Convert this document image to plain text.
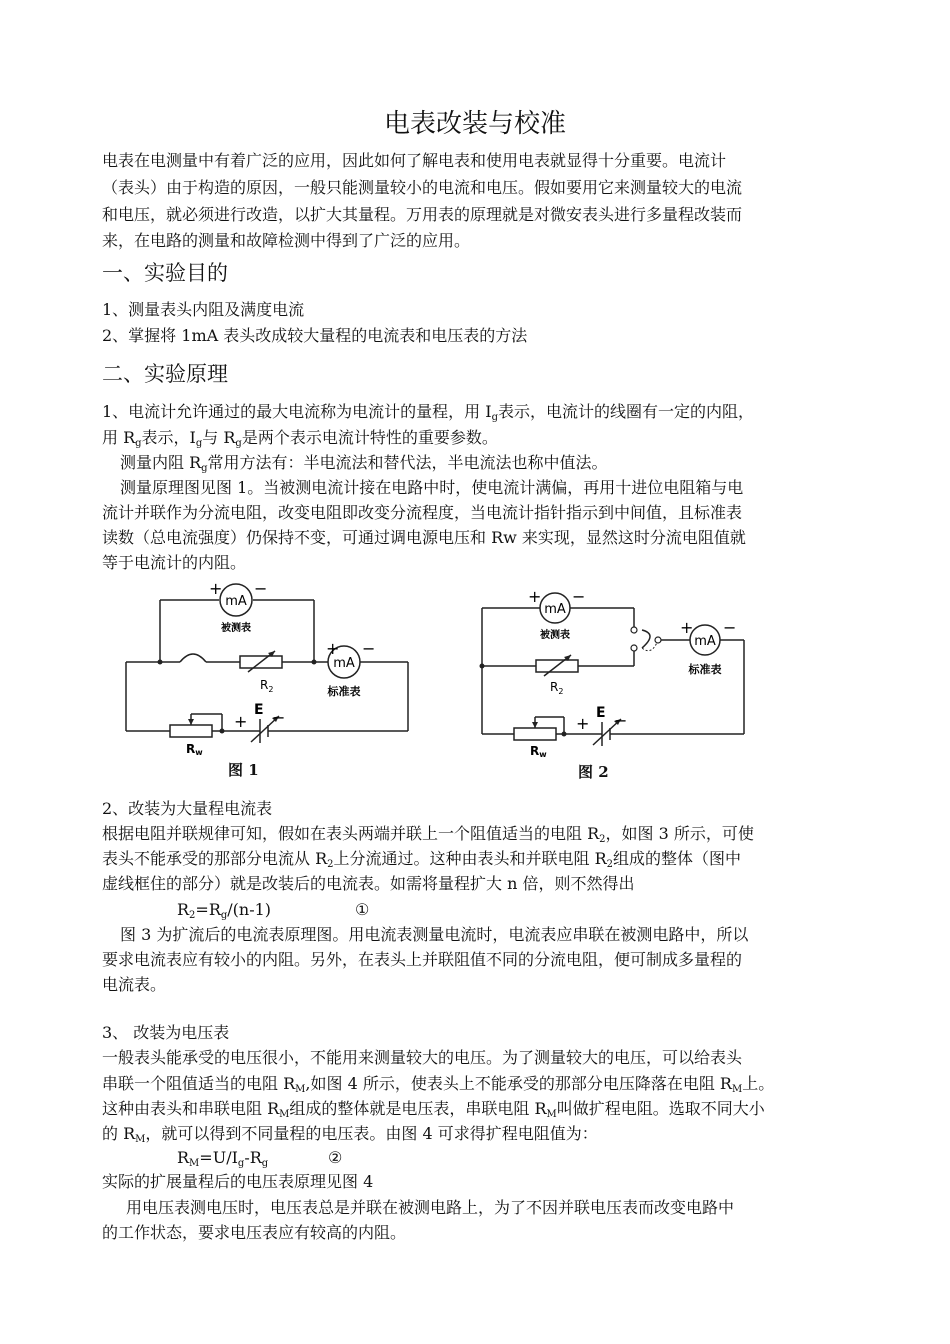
电表改装与校准
电表在电测量中有着广泛的应用，因此如何了解电表和使用电表就显得十分重要。电流计
（表头）由于构造的原因，一般只能测量较小的电流和电压。假如要用它来测量较大的电流
和电压，就必须进行改造，以扩大其量程。万用表的原理就是对微安表头进行多量程改装而
来，在电路的测量和故障检测中得到了广泛的应用。
一、实验目的
1、测量表头内阻及满度电流
2、掌握将 1mA 表头改成较大量程的电流表和电压表的方法
二、实验原理
1、电流计允许通过的最大电流称为电流计的量程，用 $I_g$表示，电流计的线圈有一定的内阻，
用 $R_g$表示，$I_g$与 $R_g$是两个表示电流计特性的重要参数。
测量内阻 $R_g$常用方法有：半电流法和替代法，半电流法也称中值法。
测量原理图见图 1。当被测电流计接在电路中时，使电流计满偏，再用十进位电阻箱与电
流计并联作为分流电阻，改变电阻即改变分流程度，当电流计指针指示到中间值，且标准表
读数（总电流强度）仍保持不变，可通过调电源电压和 Rw 来实现，显然这时分流电阻值就
等于电流计的内阻。
mA
mA
+ −
被测表
标准表
+ −
$R_2$
Rw
+
E −
图 1
mA
mA
+ −
被测表
标准表
+ −
$R_2$
Rw
+
E −
图 2
2、改装为大量程电流表
根据电阻并联规律可知，假如在表头两端并联上一个阻值适当的电阻 $R_2$，如图 3 所示，可使
表头不能承受的那部分电流从 $R_2$上分流通过。这种由表头和并联电阻 $R_2$组成的整体（图中
虚线框住的部分）就是改装后的电流表。如需将量程扩大 n 倍，则不然得出
$R_2=R_g/(n-1)$	①
图 3 为扩流后的电流表原理图。用电流表测量电流时，电流表应串联在被测电路中，所以
要求电流表应有较小的内阻。另外，在表头上并联阻值不同的分流电阻，便可制成多量程的
电流表。
3、 改装为电压表
一般表头能承受的电压很小，不能用来测量较大的电压。为了测量较大的电压，可以给表头
串联一个阻值适当的电阻 $R_M$,如图 4 所示，使表头上不能承受的那部分电压降落在电阻 $R_M$上。
这种由表头和串联电阻 $R_M$组成的整体就是电压表，串联电阻 $R_M$叫做扩程电阻。选取不同大小
的 $R_M$，就可以得到不同量程的电压表。由图 4 可求得扩程电阻值为：
$R_M=U/I_g-R_g$	②
实际的扩展量程后的电压表原理见图 4
用电压表测电压时，电压表总是并联在被测电路上，为了不因并联电压表而改变电路中
的工作状态，要求电压表应有较高的内阻。
